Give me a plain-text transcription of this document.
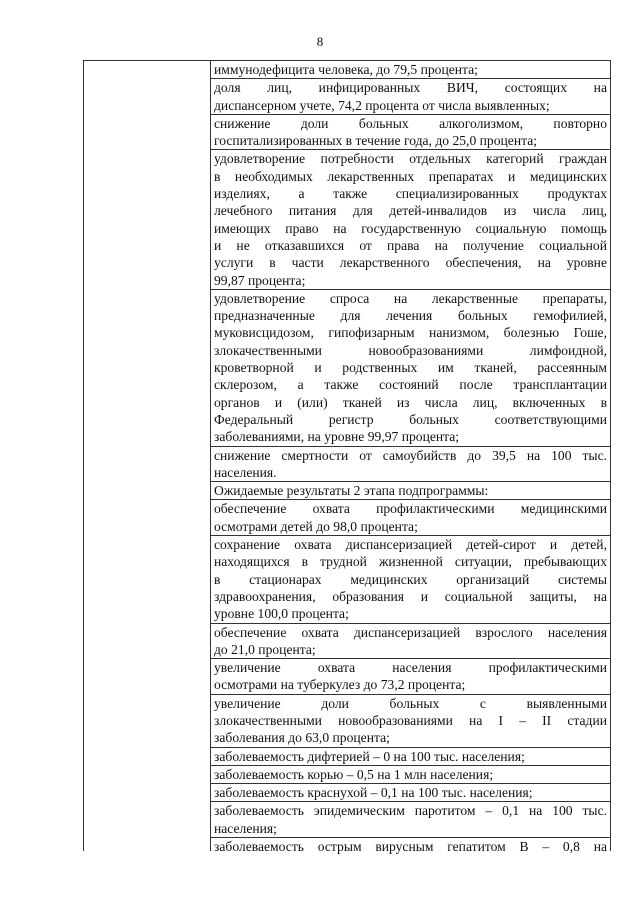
8
иммунодефицита человека, до 79,5 процента;
доля лиц, инфицированных ВИЧ, состоящих на
диспансерном учете, 74,2 процента от числа выявленных;
снижение доли больных алкоголизмом, повторно
госпитализированных в течение года, до 25,0 процента;
удовлетворение потребности отдельных категорий граждан
в необходимых лекарственных препаратах и медицинских
изделиях, а также специализированных продуктах
лечебного питания для детей-инвалидов из числа лиц,
имеющих право на государственную социальную помощь
и не отказавшихся от права на получение социальной
услуги в части лекарственного обеспечения, на уровне
99,87 процента;
удовлетворение спроса на лекарственные препараты,
предназначенные для лечения больных гемофилией,
муковисцидозом, гипофизарным нанизмом, болезнью Гоше,
злокачественными новообразованиями лимфоидной,
кроветворной и родственных им тканей, рассеянным
склерозом, а также состояний после трансплантации
органов и (или) тканей из числа лиц, включенных в
Федеральный регистр больных соответствующими
заболеваниями, на уровне 99,97 процента;
снижение смертности от самоубийств до 39,5 на 100 тыс.
населения.
Ожидаемые результаты 2 этапа подпрограммы:
обеспечение охвата профилактическими медицинскими
осмотрами детей до 98,0 процента;
сохранение охвата диспансеризацией детей-сирот и детей,
находящихся в трудной жизненной ситуации, пребывающих
в стационарах медицинских организаций системы
здравоохранения, образования и социальной защиты, на
уровне 100,0 процента;
обеспечение охвата диспансеризацией взрослого населения
до 21,0 процента;
увеличение охвата населения профилактическими
осмотрами на туберкулез до 73,2 процента;
увеличение доли больных с выявленными
злокачественными новообразованиями на I – II стадии
заболевания до 63,0 процента;
заболеваемость дифтерией – 0 на 100 тыс. населения;
заболеваемость корью – 0,5 на 1 млн населения;
заболеваемость краснухой – 0,1 на 100 тыс. населения;
заболеваемость эпидемическим паротитом – 0,1 на 100 тыс.
населения;
заболеваемость острым вирусным гепатитом В – 0,8 на
